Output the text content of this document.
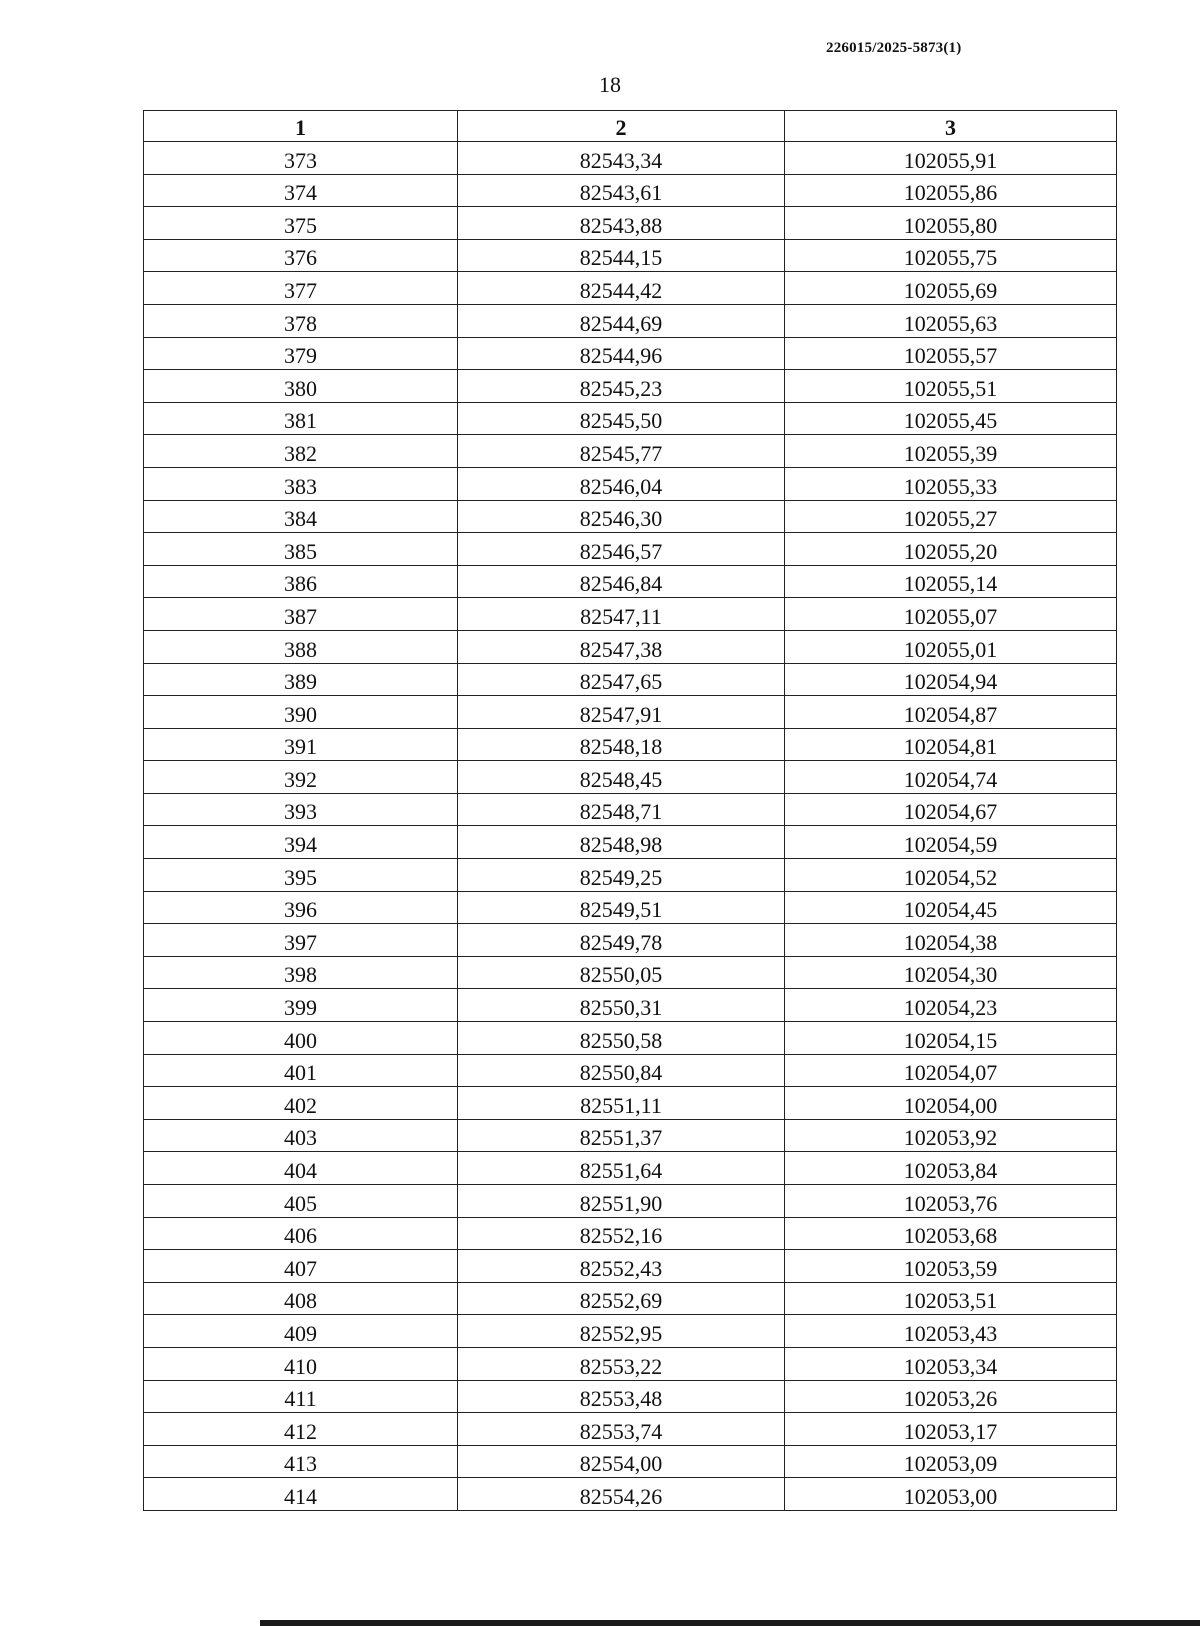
226015/2025-5873(1)
18
1	2	3
373	82543,34	102055,91
374	82543,61	102055,86
375	82543,88	102055,80
376	82544,15	102055,75
377	82544,42	102055,69
378	82544,69	102055,63
379	82544,96	102055,57
380	82545,23	102055,51
381	82545,50	102055,45
382	82545,77	102055,39
383	82546,04	102055,33
384	82546,30	102055,27
385	82546,57	102055,20
386	82546,84	102055,14
387	82547,11	102055,07
388	82547,38	102055,01
389	82547,65	102054,94
390	82547,91	102054,87
391	82548,18	102054,81
392	82548,45	102054,74
393	82548,71	102054,67
394	82548,98	102054,59
395	82549,25	102054,52
396	82549,51	102054,45
397	82549,78	102054,38
398	82550,05	102054,30
399	82550,31	102054,23
400	82550,58	102054,15
401	82550,84	102054,07
402	82551,11	102054,00
403	82551,37	102053,92
404	82551,64	102053,84
405	82551,90	102053,76
406	82552,16	102053,68
407	82552,43	102053,59
408	82552,69	102053,51
409	82552,95	102053,43
410	82553,22	102053,34
411	82553,48	102053,26
412	82553,74	102053,17
413	82554,00	102053,09
414	82554,26	102053,00
